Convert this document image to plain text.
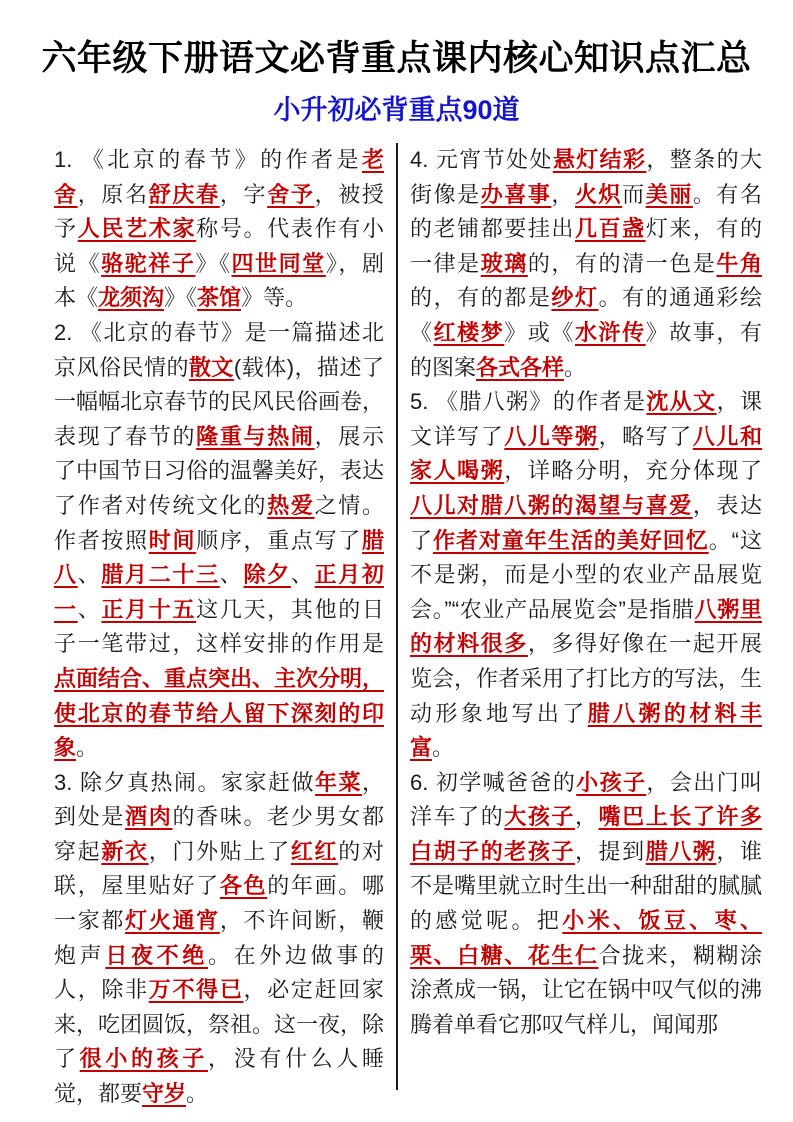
六年级下册语文必背重点课内核心知识点汇总
小升初必背重点90道

1. 《北京的春节》的作者是老舍，原名舒庆春，字舍予，被授予人民艺术家称号。代表作有小说《骆驼祥子》《四世同堂》，剧本《龙须沟》《茶馆》等。

2. 《北京的春节》是一篇描述北京风俗民情的散文(载体)，描述了一幅幅北京春节的民风民俗画卷，表现了春节的隆重与热闹，展示了中国节日习俗的温馨美好，表达了作者对传统文化的热爱之情。作者按照时间顺序，重点写了腊八、腊月二十三、除夕、正月初一、正月十五这几天，其他的日子一笔带过，这样安排的作用是点面结合、重点突出、主次分明，使北京的春节给人留下深刻的印象。

3. 除夕真热闹。家家赶做年菜，到处是酒肉的香味。老少男女都穿起新衣，门外贴上了红红的对联，屋里贴好了各色的年画。哪一家都灯火通宵，不许间断，鞭炮声日夜不绝。在外边做事的人，除非万不得已，必定赶回家来，吃团圆饭，祭祖。这一夜，除了很小的孩子，没有什么人睡觉，都要守岁。

4. 元宵节处处悬灯结彩，整条的大街像是办喜事，火炽而美丽。有名的老铺都要挂出几百盏灯来，有的一律是玻璃的，有的清一色是牛角的，有的都是纱灯。有的通通彩绘《红楼梦》或《水浒传》故事，有的图案各式各样。

5. 《腊八粥》的作者是沈从文，课文详写了八儿等粥，略写了八儿和家人喝粥，详略分明，充分体现了八儿对腊八粥的渴望与喜爱，表达了作者对童年生活的美好回忆。“这不是粥，而是小型的农业产品展览会。”“农业产品展览会”是指腊八粥里的材料很多，多得好像在一起开展览会，作者采用了打比方的写法，生动形象地写出了腊八粥的材料丰富。

6. 初学喊爸爸的小孩子，会出门叫洋车了的大孩子，嘴巴上长了许多白胡子的老孩子，提到腊八粥，谁不是嘴里就立时生出一种甜甜的腻腻的感觉呢。把小米、饭豆、枣、栗、白糖、花生仁合拢来，糊糊涂涂煮成一锅，让它在锅中叹气似的沸腾着单看它那叹气样儿，闻闻那
